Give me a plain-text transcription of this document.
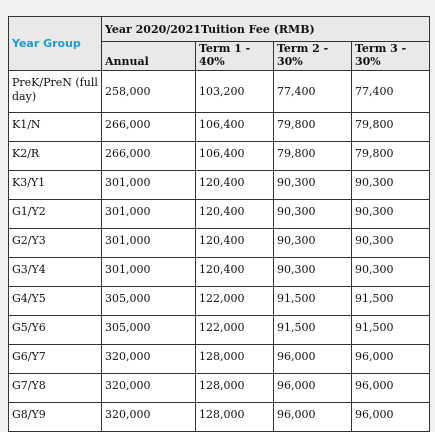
Year Group	Year 2020/2021Tuition Fee (RMB)			
	Annual	Term 1 - 40%	Term 2 - 30%	Term 3 - 30%

PreK/PreN (full day)	258,000	103,200	77,400	77,400
K1/N	266,000	106,400	79,800	79,800
K2/R	266,000	106,400	79,800	79,800
K3/Y1	301,000	120,400	90,300	90,300
G1/Y2	301,000	120,400	90,300	90,300
G2/Y3	301,000	120,400	90,300	90,300
G3/Y4	301,000	120,400	90,300	90,300
G4/Y5	305,000	122,000	91,500	91,500
G5/Y6	305,000	122,000	91,500	91,500
G6/Y7	320,000	128,000	96,000	96,000
G7/Y8	320,000	128,000	96,000	96,000
G8/Y9	320,000	128,000	96,000	96,000
